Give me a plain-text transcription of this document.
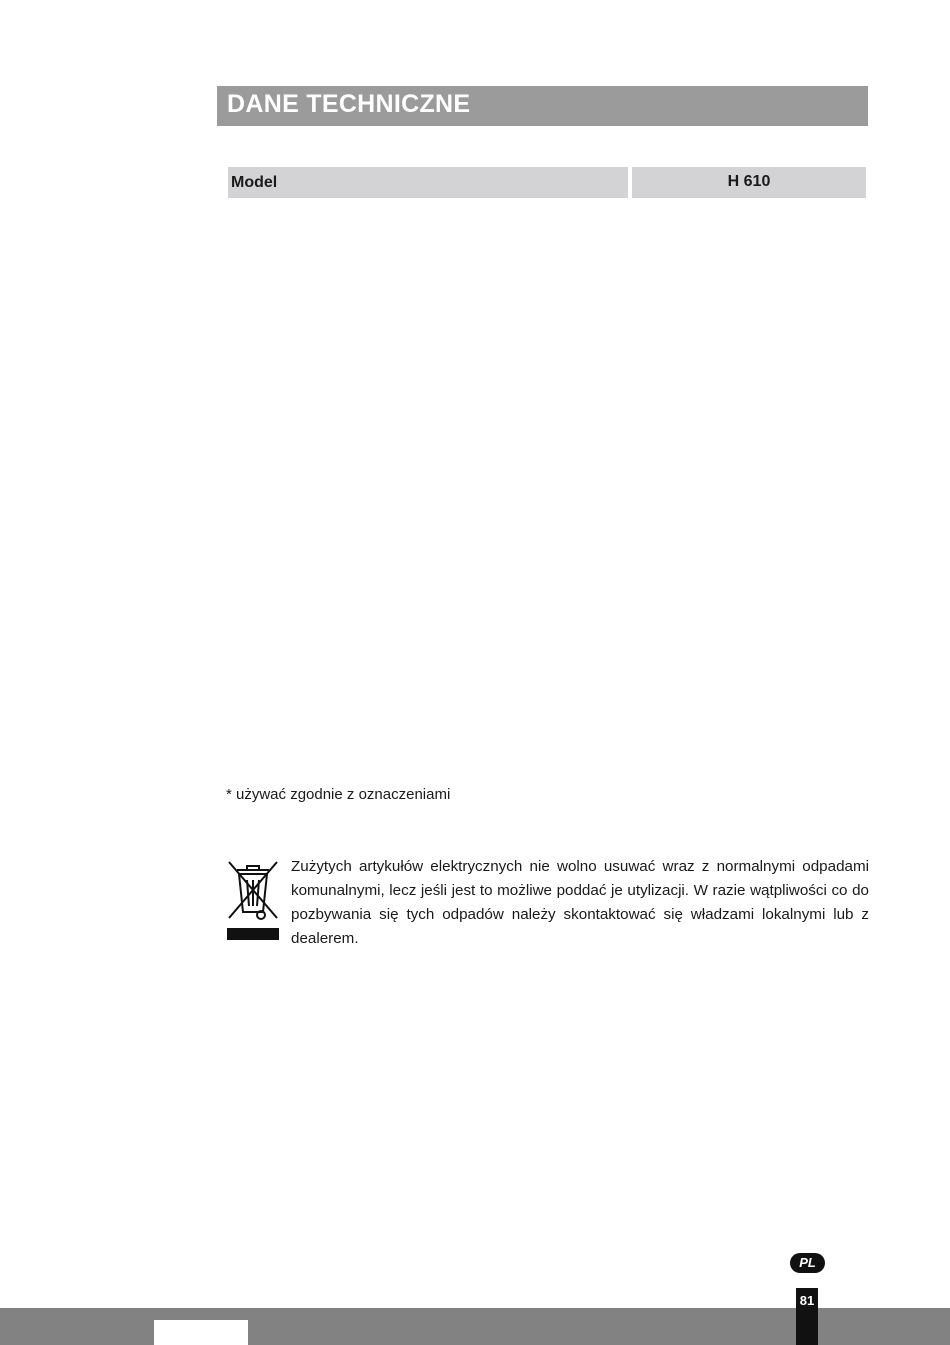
DANE TECHNICZNE
Model	H 610
* używać zgodnie z oznaczeniami
Zużytych artykułów elektrycznych nie wolno usuwać wraz z normalnymi odpadami komunalnymi, lecz jeśli jest to możliwe poddać je utylizacji. W razie wątpliwości co do pozbywania się tych odpadów należy skontaktować się władzami lokalnymi lub z dealerem.
PL
81
